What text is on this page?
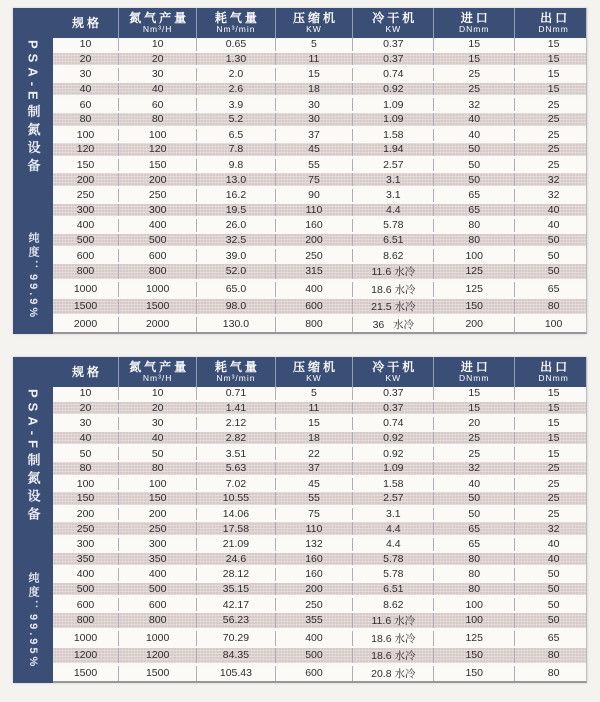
PSA-E制氮设备
纯度：99.9%
规格 氮气产量
Nm³/H
耗气量
Nm³/min
压缩机
KW
冷干机
KW
进口
DNmm
出口
DNmm
10	10	0.65	5	0.37	15	15
20	20	1.30	11	0.37	15	15
30	30	2.0	15	0.74	25	15
40	40	2.6	18	0.92	25	15
60	60	3.9	30	1.09	32	25
80	80	5.2	30	1.09	40	25
100	100	6.5	37	1.58	40	25
120	120	7.8	45	1.94	50	25
150	150	9.8	55	2.57	50	25
200	200	13.0	75	3.1	50	32
250	250	16.2	90	3.1	65	32
300	300	19.5	110	4.4	65	40
400	400	26.0	160	5.78	80	40
500	500	32.5	200	6.51	80	50
600	600	39.0	250	8.62	100	50
800	800	52.0	315	11.6 水冷	125	50
1000	1000	65.0	400	18.6 水冷	125	65
1500	1500	98.0	600	21.5 水冷	150	80
2000	2000	130.0	800	36   水冷	200	100
PSA-F制氮设备
纯度：99.95%
规格 氮气产量
Nm³/H
耗气量
Nm³/min
压缩机
KW
冷干机
KW
进口
DNmm
出口
DNmm
10	10	0.71	5	0.37	15	15
20	20	1.41	11	0.37	15	15
30	30	2.12	15	0.74	20	15
40	40	2.82	18	0.92	25	15
50	50	3.51	22	0.92	25	15
80	80	5.63	37	1.09	32	25
100	100	7.02	45	1.58	40	25
150	150	10.55	55	2.57	50	25
200	200	14.06	75	3.1	50	25
250	250	17.58	110	4.4	65	32
300	300	21.09	132	4.4	65	40
350	350	24.6	160	5.78	80	40
400	400	28.12	160	5.78	80	50
500	500	35.15	200	6.51	80	50
600	600	42.17	250	8.62	100	50
800	800	56.23	355	11.6 水冷	100	50
1000	1000	70.29	400	18.6 水冷	125	65
1200	1200	84.35	500	18.6 水冷	150	80
1500	1500	105.43	600	20.8 水冷	150	80
